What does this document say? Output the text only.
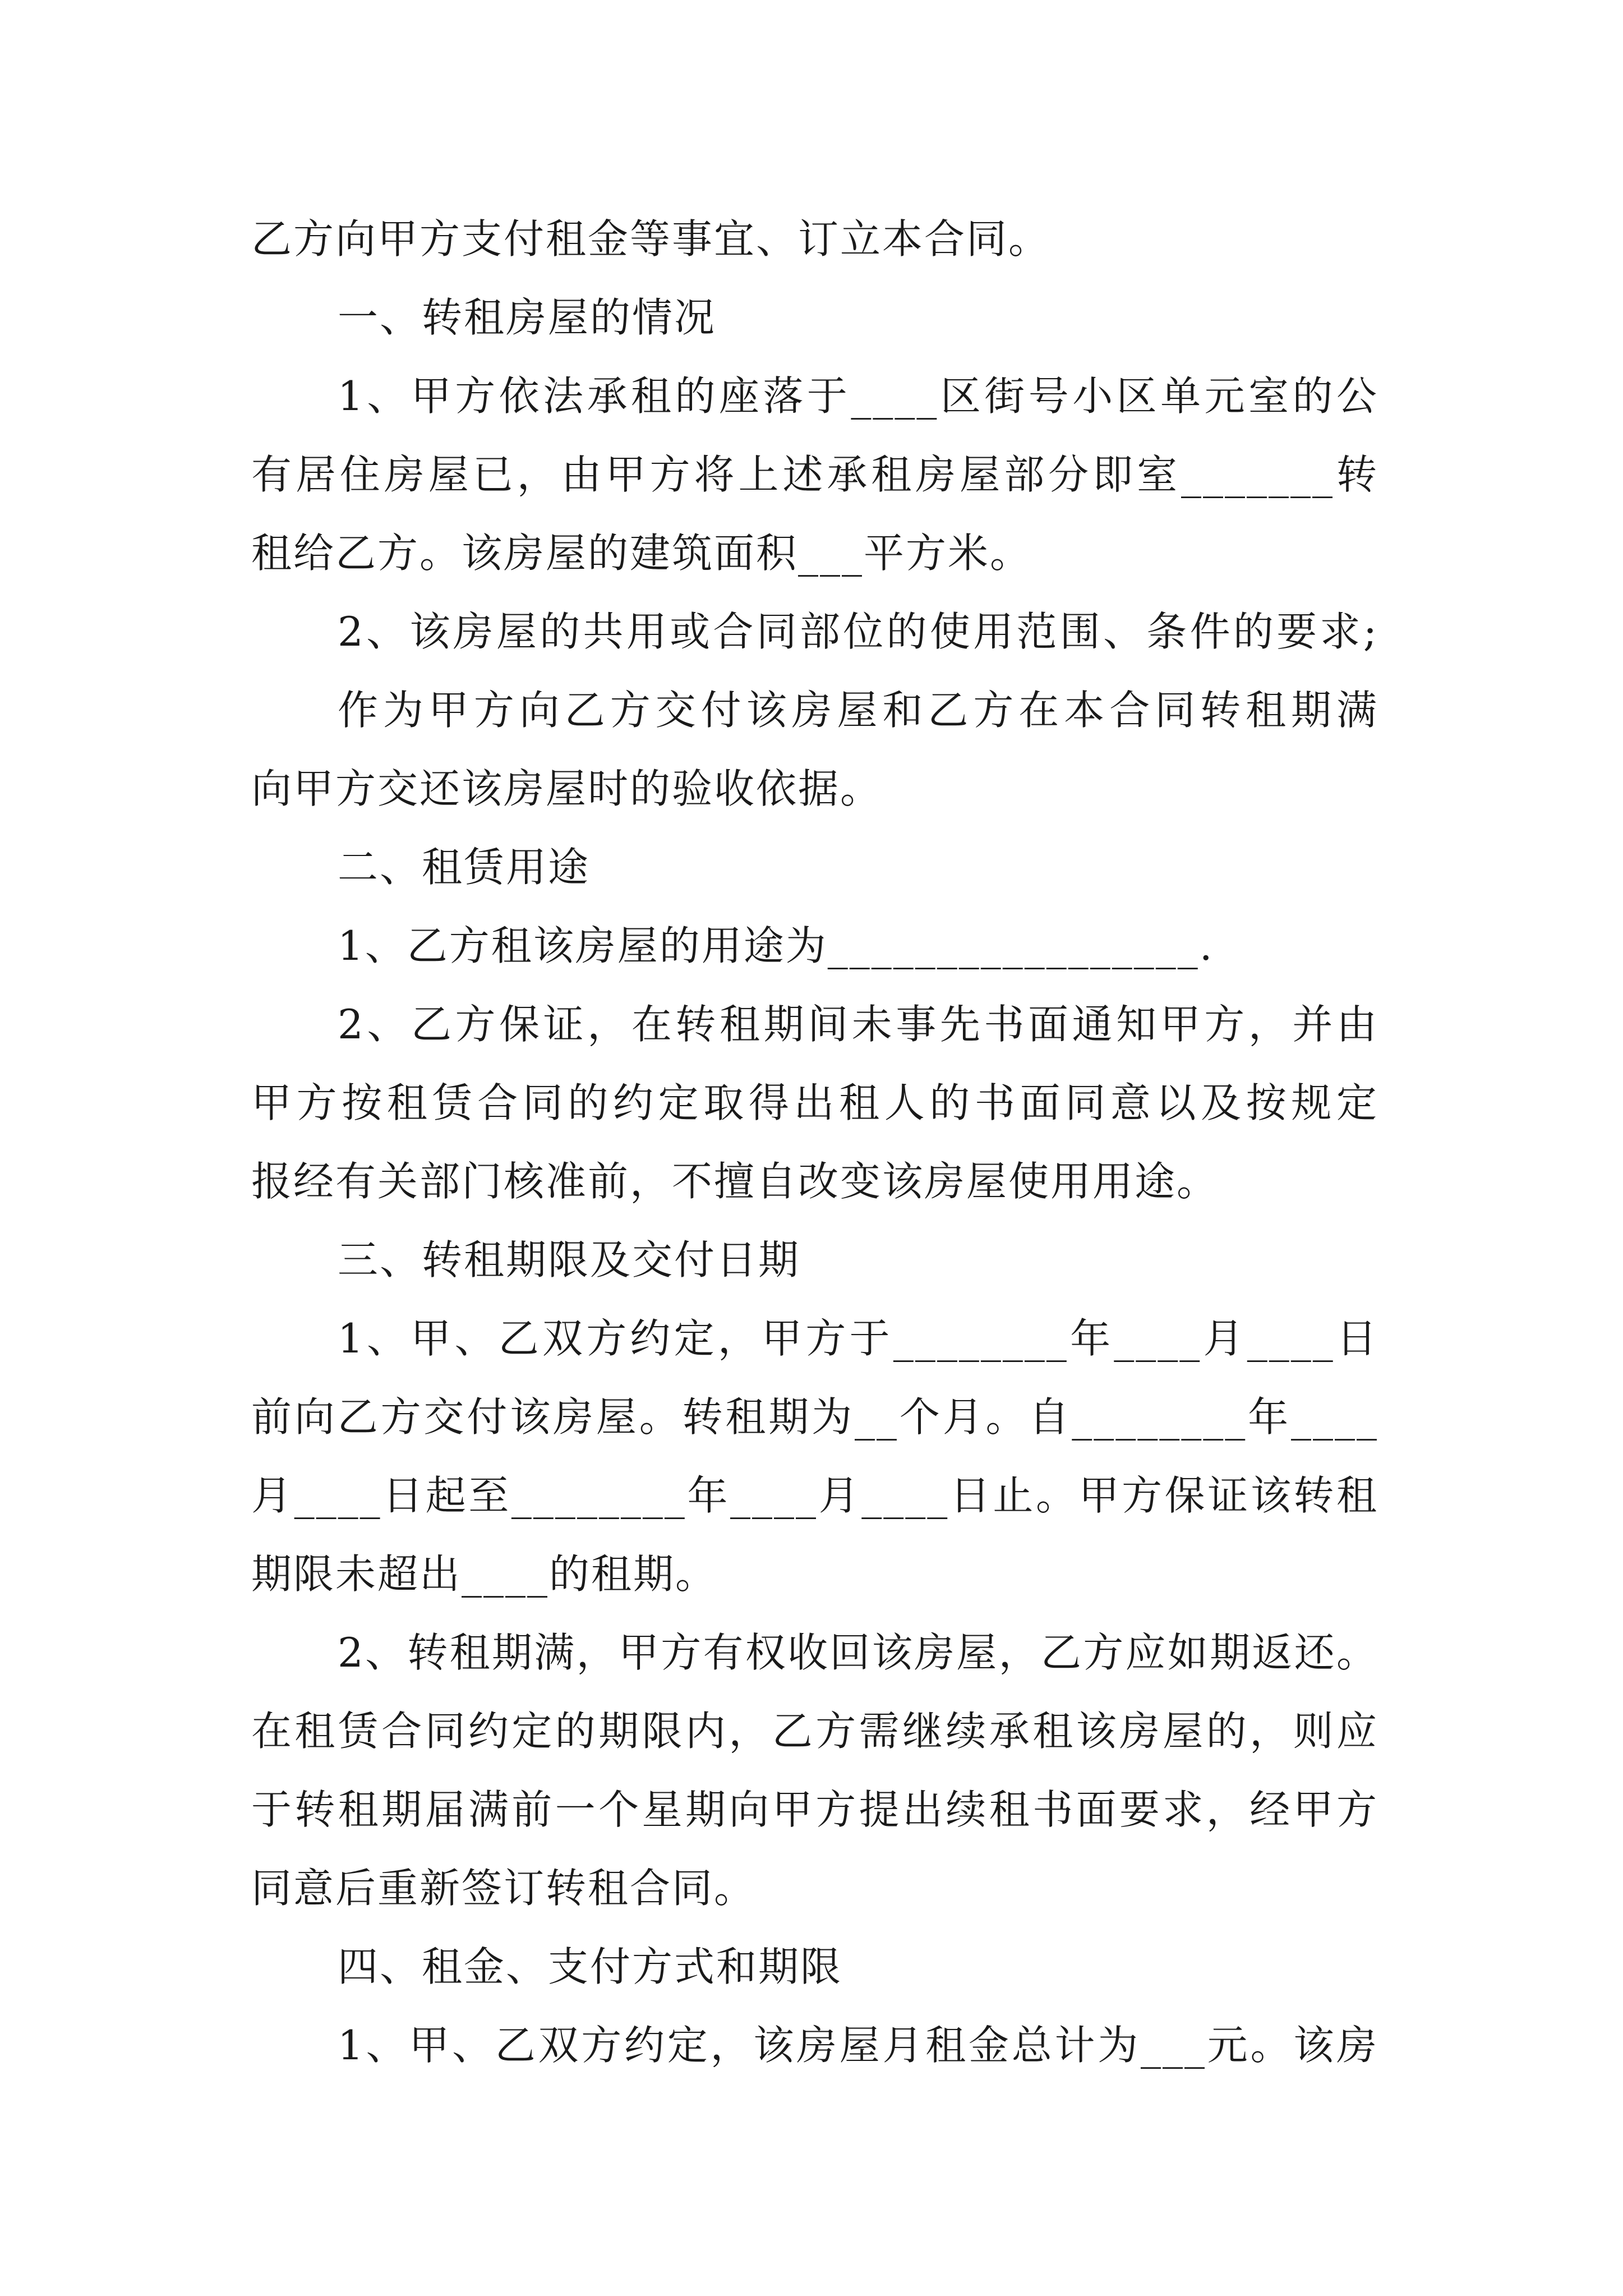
乙方向甲方支付租金等事宜、订立本合同。
一、转租房屋的情况
1、甲方依法承租的座落于____区街号小区单元室的公
有居住房屋已，由甲方将上述承租房屋部分即室_______转
租给乙方。该房屋的建筑面积___平方米。
2、该房屋的共用或合同部位的使用范围、条件的要求;
作为甲方向乙方交付该房屋和乙方在本合同转租期满
向甲方交还该房屋时的验收依据。
二、租赁用途
1、乙方租该房屋的用途为_________________.
2、乙方保证，在转租期间未事先书面通知甲方，并由
甲方按租赁合同的约定取得出租人的书面同意以及按规定
报经有关部门核准前，不擅自改变该房屋使用用途。
三、转租期限及交付日期
1、甲、乙双方约定，甲方于________年____月____日
前向乙方交付该房屋。转租期为__个月。自________年____
月____日起至________年____月____日止。甲方保证该转租
期限未超出____的租期。
2、转租期满，甲方有权收回该房屋，乙方应如期返还。
在租赁合同约定的期限内，乙方需继续承租该房屋的，则应
于转租期届满前一个星期向甲方提出续租书面要求，经甲方
同意后重新签订转租合同。
四、租金、支付方式和期限
1、甲、乙双方约定，该房屋月租金总计为___元。该房
